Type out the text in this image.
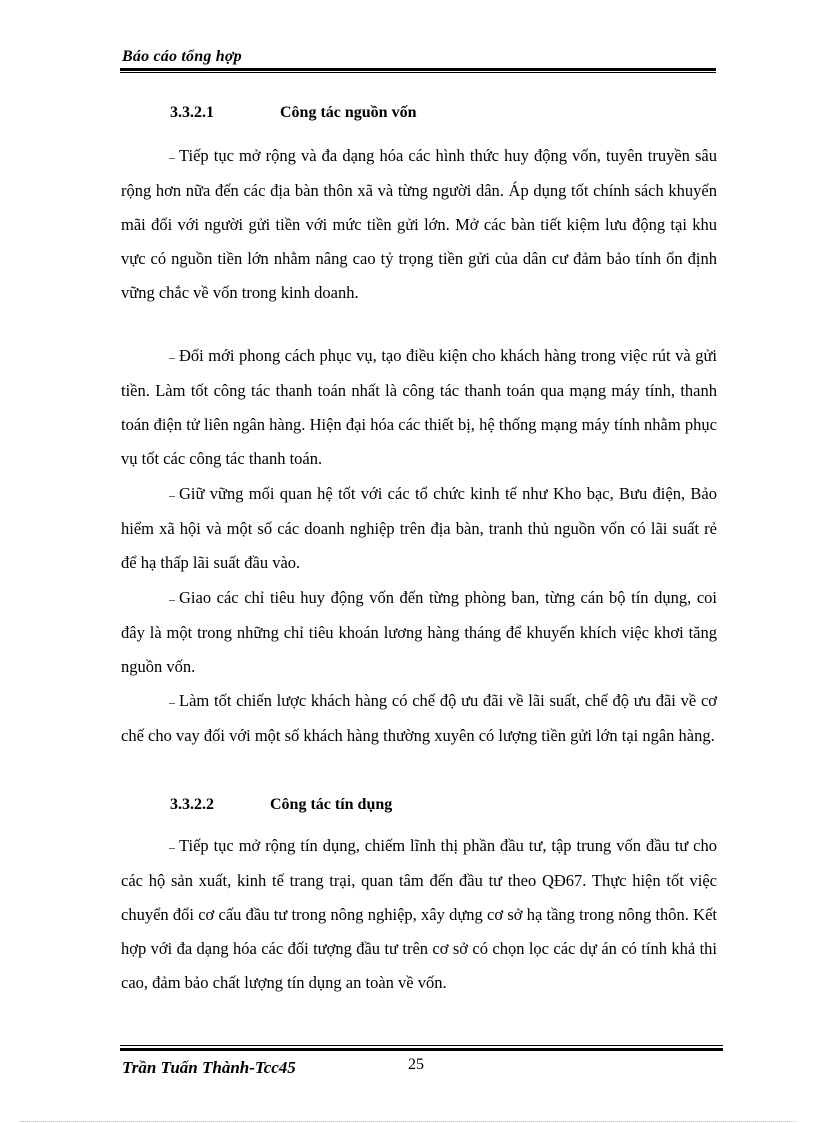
Báo cáo tổng hợp
3.3.2.1	Công tác nguồn vốn

– Tiếp tục mở rộng và đa dạng hóa các hình thức huy động vốn, tuyên truyền sâu rộng hơn nữa đến các địa bàn thôn xã và từng người dân. Áp dụng tốt chính sách khuyến mãi đối với người gửi tiền với mức tiền gửi lớn. Mở các bàn tiết kiệm lưu động tại khu vực có nguồn tiền lớn nhằm nâng cao tỷ trọng tiền gửi của dân cư đảm bảo tính ổn định vững chắc về vốn trong kinh doanh.

– Đổi mới phong cách phục vụ, tạo điều kiện cho khách hàng trong việc rút và gửi tiền. Làm tốt công tác thanh toán nhất là công tác thanh toán qua mạng máy tính, thanh toán điện tử liên ngân hàng. Hiện đại hóa các thiết bị, hệ thống mạng máy tính nhằm phục vụ tốt các công tác thanh toán.

– Giữ vững mối quan hệ tốt với các tổ chức kinh tế như Kho bạc, Bưu điện, Bảo hiểm xã hội và một số các doanh nghiệp trên địa bàn, tranh thủ nguồn vốn có lãi suất rẻ để hạ thấp lãi suất đầu vào.

– Giao các chỉ tiêu huy động vốn đến từng phòng ban, từng cán bộ tín dụng, coi đây là một trong những chỉ tiêu khoán lương hàng tháng để khuyến khích việc khơi tăng nguồn vốn.

– Làm tốt chiến lược khách hàng có chế độ ưu đãi về lãi suất, chế độ ưu đãi về cơ chế cho vay đối với một số khách hàng thường xuyên có lượng tiền gửi lớn tại ngân hàng.

3.3.2.2	Công tác tín dụng

– Tiếp tục mở rộng tín dụng, chiếm lĩnh thị phần đầu tư, tập trung vốn đầu tư cho các hộ sản xuất, kinh tế trang trại, quan tâm đến đầu tư theo QĐ67. Thực hiện tốt việc chuyển đổi cơ cấu đầu tư trong nông nghiệp, xây dựng cơ sở hạ tầng trong nông thôn. Kết hợp với đa dạng hóa các đối tượng đầu tư trên cơ sở có chọn lọc các dự án có tính khả thi cao, đảm bảo chất lượng tín dụng an toàn về vốn.

Trần Tuấn Thành-Tcc45	25
